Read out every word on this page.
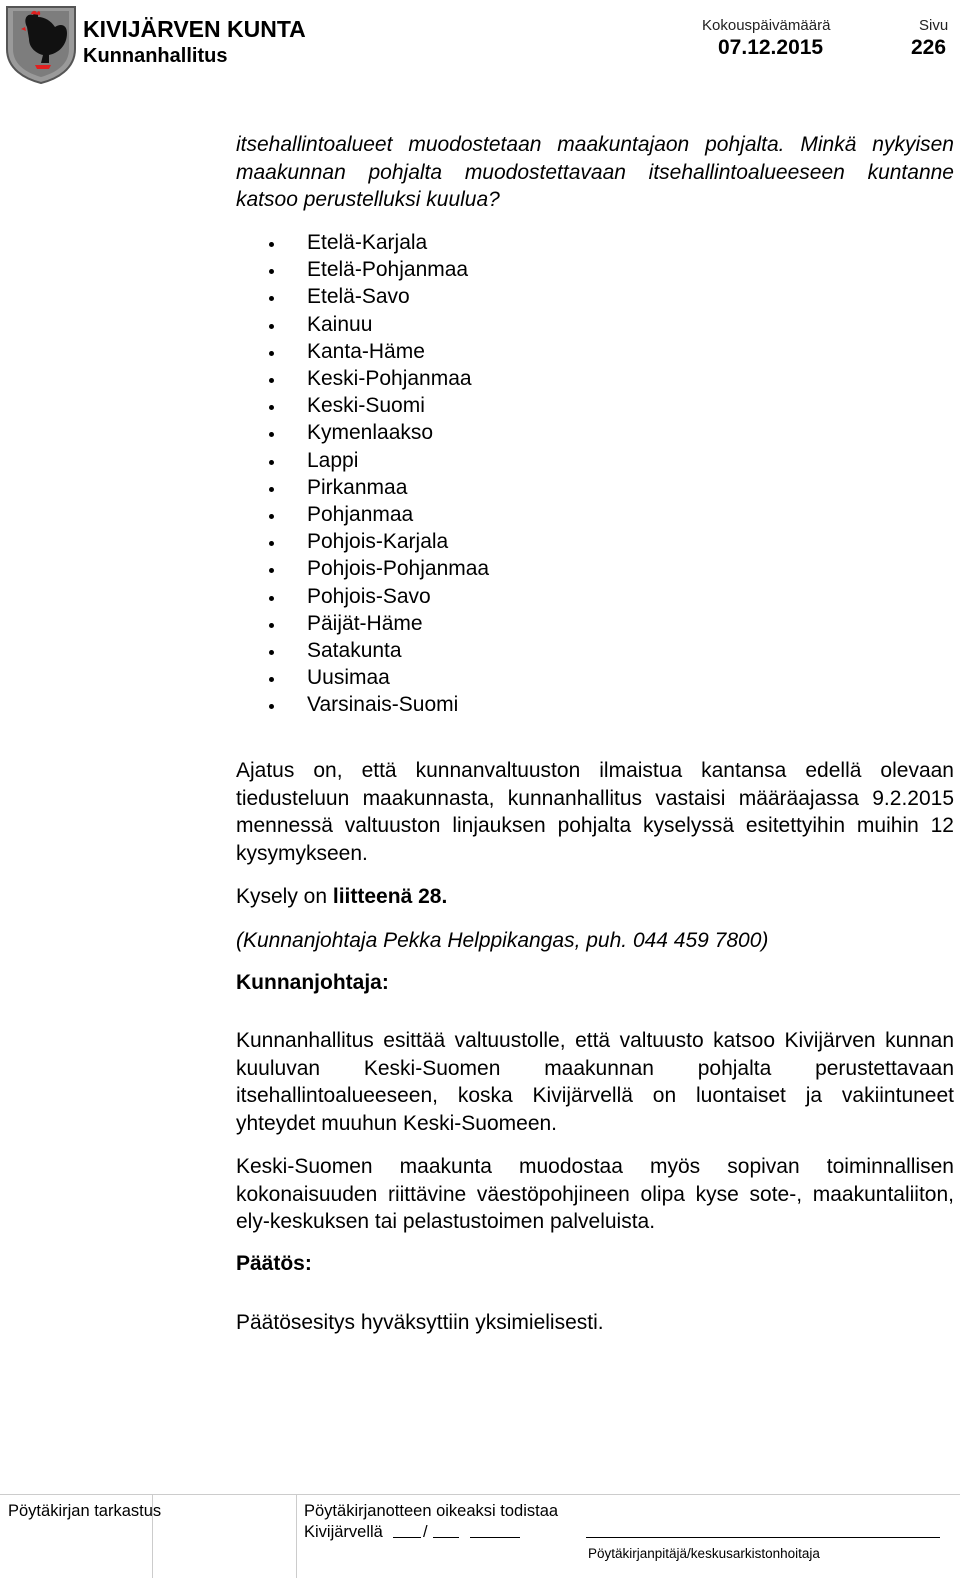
KIVIJÄRVEN KUNTA
Kunnanhallitus
Kokouspäivämäärä
07.12.2015
Sivu
226
itsehallintoalueet muodostetaan maakuntajaon pohjalta. Minkä nykyisen maakunnan pohjalta muodostettavaan itsehallintoalueeseen kuntanne katsoo perustelluksi kuulua?
Etelä-Karjala
Etelä-Pohjanmaa
Etelä-Savo
Kainuu
Kanta-Häme
Keski-Pohjanmaa
Keski-Suomi
Kymenlaakso
Lappi
Pirkanmaa
Pohjanmaa
Pohjois-Karjala
Pohjois-Pohjanmaa
Pohjois-Savo
Päijät-Häme
Satakunta
Uusimaa
Varsinais-Suomi
Ajatus on, että kunnanvaltuuston ilmaistua kantansa edellä olevaan tiedusteluun maakunnasta, kunnanhallitus vastaisi määräajassa 9.2.2015 mennessä valtuuston linjauksen pohjalta kyselyssä esitettyihin muihin 12 kysymykseen.
Kysely on liitteenä 28.
(Kunnanjohtaja Pekka Helppikangas, puh. 044 459 7800)
Kunnanjohtaja:
Kunnanhallitus esittää valtuustolle, että valtuusto katsoo Kivijärven kunnan kuuluvan Keski-Suomen maakunnan pohjalta perustettavaan itsehallintoalueeseen, koska Kivijärvellä on luontaiset ja vakiintuneet yhteydet muuhun Keski-Suomeen.
Keski-Suomen maakunta muodostaa myös sopivan toiminnallisen kokonaisuuden riittävine väestöpohjineen olipa kyse sote-, maakuntaliiton, ely-keskuksen tai pelastustoimen palveluista.
Päätös:
Päätösesitys hyväksyttiin yksimielisesti.
Pöytäkirjan tarkastus	Pöytäkirjanotteen oikeaksi todistaa
Kivijärvellä /
Pöytäkirjanpitäjä/keskusarkistonhoitaja
